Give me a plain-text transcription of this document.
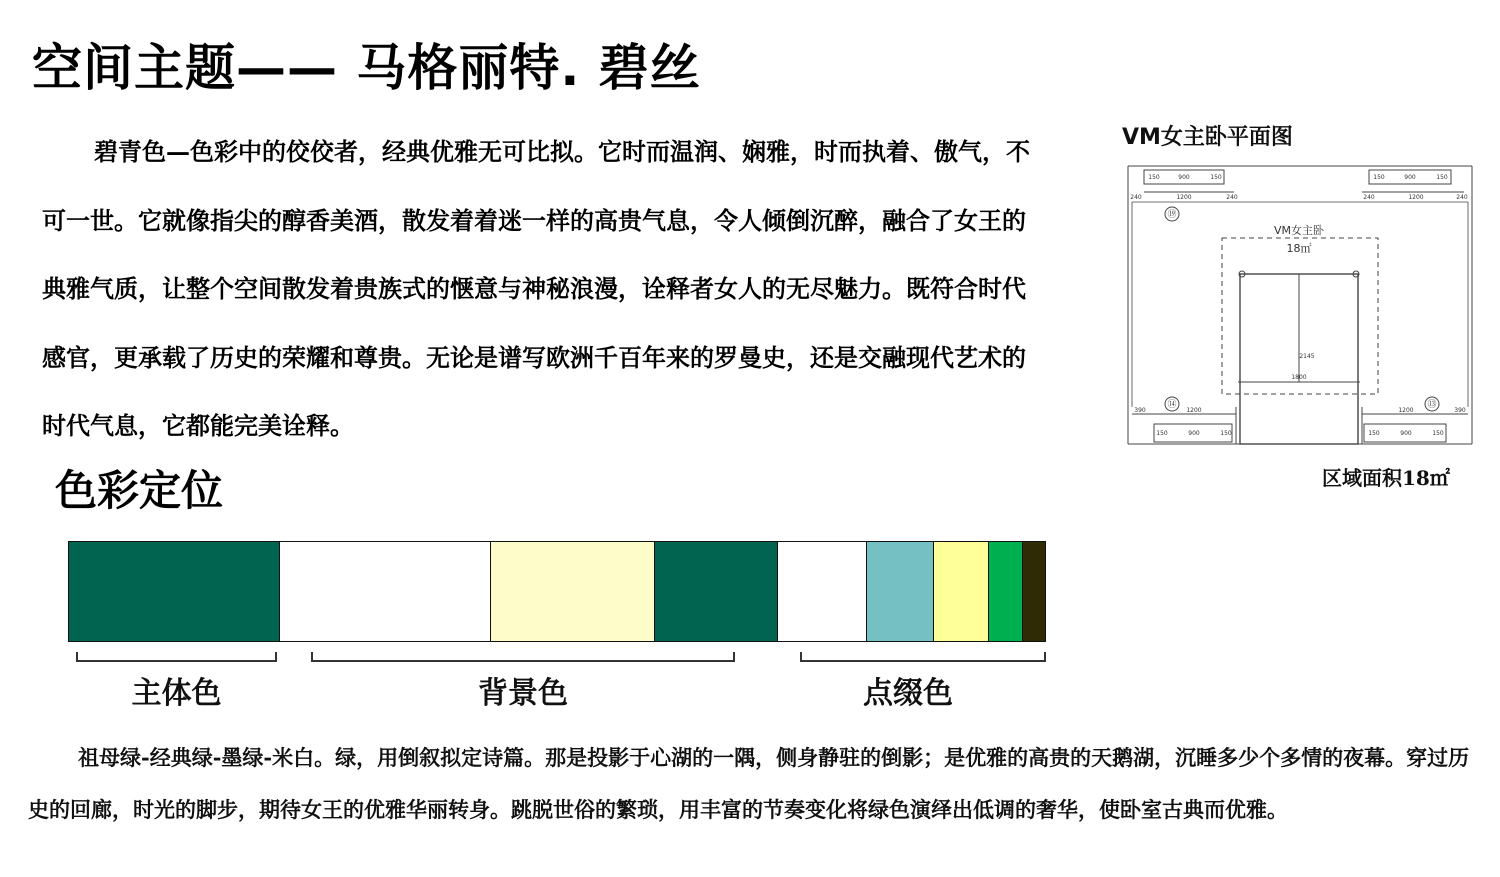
空间主题—— 马格丽特. 碧丝

碧青色—色彩中的佼佼者，经典优雅无可比拟。它时而温润、娴雅，时而执着、傲气，不可一世。它就像指尖的醇香美酒，散发着着迷一样的高贵气息，令人倾倒沉醉，融合了女王的典雅气质，让整个空间散发着贵族式的惬意与神秘浪漫，诠释者女人的无尽魅力。既符合时代感官，更承载了历史的荣耀和尊贵。无论是谱写欧洲千百年来的罗曼史，还是交融现代艺术的时代气息，它都能完美诠释。

色彩定位
VM女主卧平面图
150	900	150	150	900	150
240	1200	240	240	1200	240
⑲
⑭	⑬
VM女主卧
18㎡
1800
2145
390	1200	1200	390
150	900	150	150	900	150
区域面积18㎡
主体色	背景色	点缀色

祖母绿-经典绿-墨绿-米白。绿，用倒叙拟定诗篇。那是投影于心湖的一隅，侧身静驻的倒影；是优雅的高贵的天鹅湖，沉睡多少个多情的夜幕。穿过历史的回廊，时光的脚步，期待女王的优雅华丽转身。跳脱世俗的繁琐，用丰富的节奏变化将绿色演绎出低调的奢华，使卧室古典而优雅。
